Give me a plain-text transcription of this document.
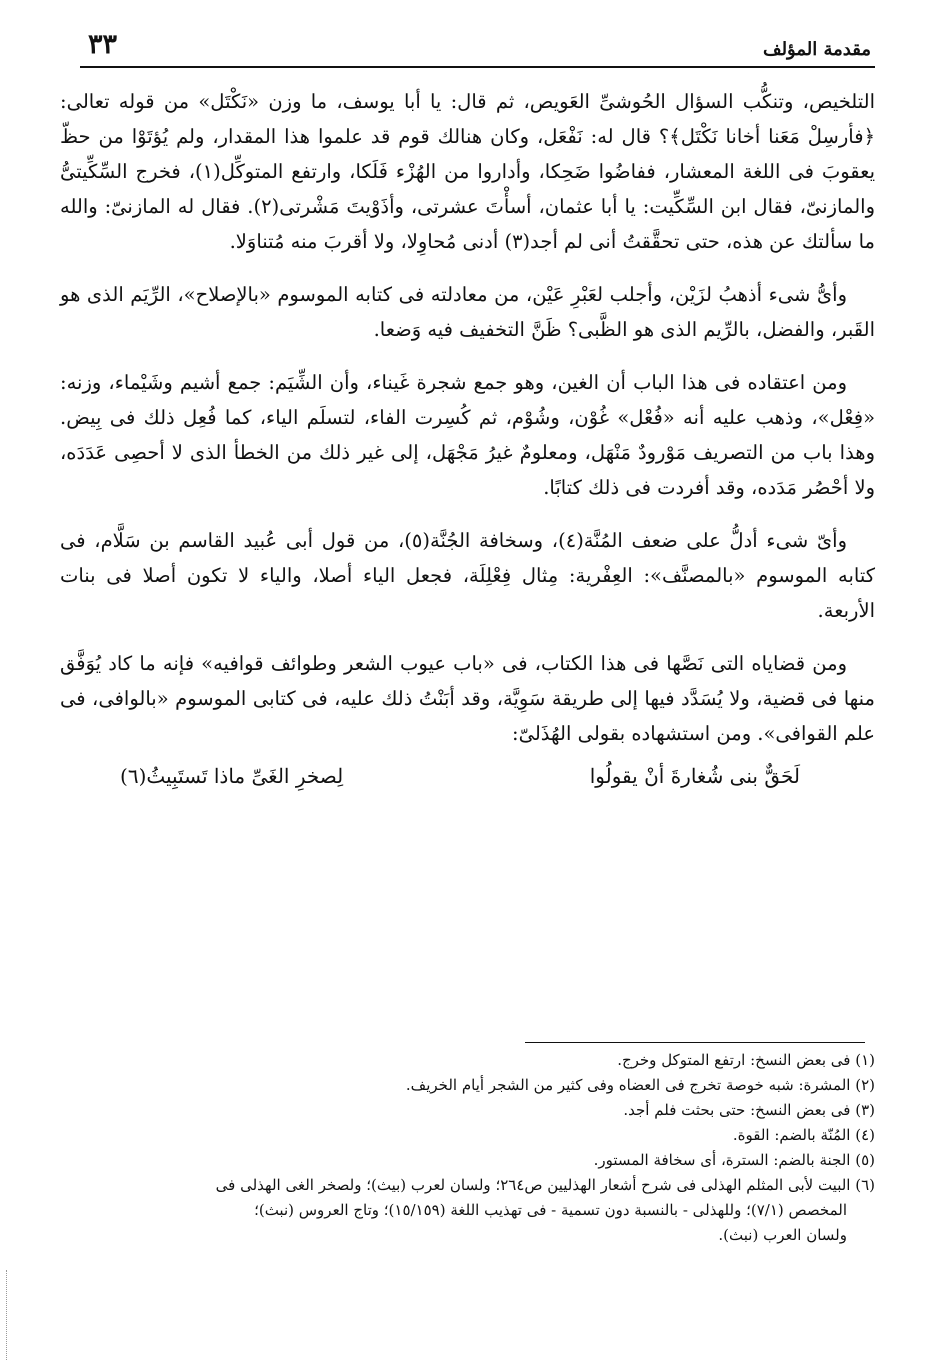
مقدمة المؤلف
٣٣

التلخيص، وتنكُّب السؤال الحُوشىِّ العَويص، ثم قال: يا أبا يوسف، ما وزن «نَكْتَل» من قوله تعالى: ﴿فأرسِلْ مَعَنا أخانا نَكْتَل﴾؟ قال له: نَفْعَل، وكان هنالك قوم قد علموا هذا المقدار، ولم يُؤتَوْا من حظّ يعقوبَ فى اللغة المعشار، ففاضُوا ضَحِكا، وأداروا من الهُزْء فَلَكا، وارتفع المتوكِّل(١)، فخرج السِّكِّيتىُّ والمازنىّ، فقال ابن السِّكِّيت: يا أبا عثمان، أسأْتَ عشرتى، وأذَوْيتَ مَشْرتى(٢). فقال له المازنىّ: والله ما سألتك عن هذه، حتى تحقَّقتُ أنى لم أجد(٣) أدنى مُحاوِلا، ولا أقربَ منه مُتناوَلا.

وأىُّ شىء أذهبُ لزَيْن، وأجلب لعَبْرِ عَيْن، من معادلته فى كتابه الموسوم «بالإصلاح»، الرِّيَم الذى هو القَبر، والفضل، بالرِّيم الذى هو الظَّبى؟ ظَنَّ التخفيف فيه وَضعا.

ومن اعتقاده فى هذا الباب أن الغين، وهو جمع شجرة غَيناء، وأن الشِّيَم: جمع أشيم وشَيْماء، وزنه: «فِعْل»، وذهب عليه أنه «فُعْل» غُوْن، وشُوْم، ثم كُسِرت الفاء، لتسلَم الياء، كما فُعِل ذلك فى بِيض. وهذا باب من التصريف مَوْرودٌ مَنْهَل، ومعلومٌ غيرُ مَجْهَل، إلى غير ذلك من الخطأ الذى لا أحصِى عَدَدَه، ولا أحْصُر مَدَده، وقد أفردت فى ذلك كتابًا.

وأىّ شىء أدلُّ على ضعف المُنَّة(٤)، وسخافة الجُنَّة(٥)، من قول أبى عُبيد القاسم بن سَلَّام، فى كتابه الموسوم «بالمصنَّف»: العِفْرية: مِثال فِعْلِلَة، فجعل الياء أصلا، والياء لا تكون أصلا فى بنات الأربعة.

ومن قضاياه التى نَصَّها فى هذا الكتاب، فى «باب عيوب الشعر وطوائف قوافيه» فإنه ما كاد يُوَفَّق منها فى قضية، ولا يُسَدَّد فيها إلى طريقة سَوِيَّة، وقد أبَنْتُ ذلك عليه، فى كتابى الموسوم «بالوافى، فى علم القوافى». ومن استشهاده بقولى الهُذَلىّ:

لَحَقٌّ بنى شُغارةَ أنْ يقولُوا
لِصخرِ الغَىِّ ماذا تَستَبِيثُ(٦)

(١) فى بعض النسخ: ارتفع المتوكل وخرج.

(٢) المشرة: شبه خوصة تخرج فى العضاه وفى كثير من الشجر أيام الخريف.

(٣) فى بعض النسخ: حتى بحثت فلم أجد.

(٤) المُنّة بالضم: القوة.

(٥) الجنة بالضم: السترة، أى سخافة المستور.

(٦) البيت لأبى المثلم الهذلى فى شرح أشعار الهذليين ص٢٦٤؛ ولسان لعرب (بيث)؛ ولصخر الغى الهذلى فى

المخصص (٧/١)؛ وللهذلى - بالنسبة دون تسمية - فى تهذيب اللغة (١٥/١٥٩)؛ وتاج العروس (نبث)؛

ولسان العرب (نبث).
